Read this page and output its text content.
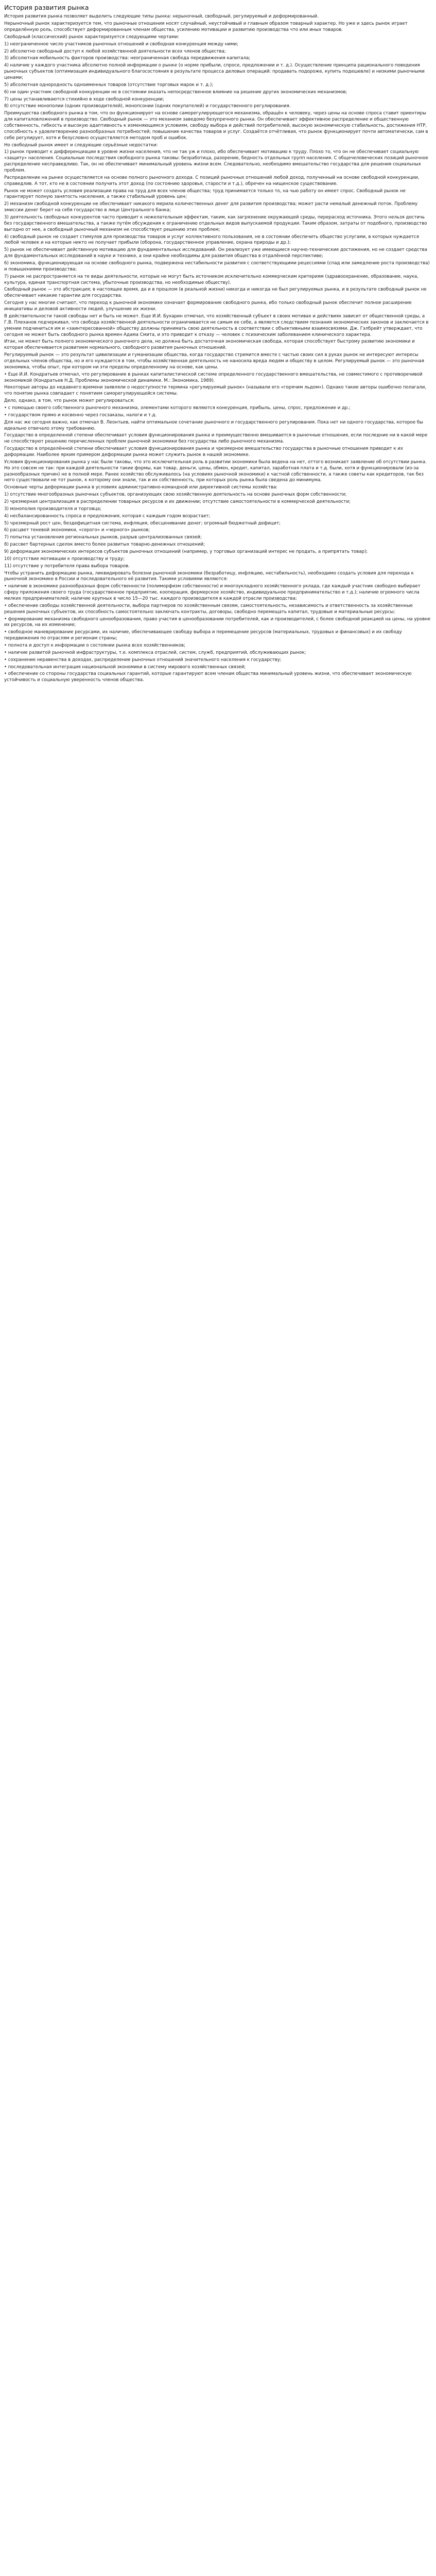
История развития рынка

История развития рынка позволяет выделить следующие типы рынка: нерыночный, свободный, регулируемый и деформированный.

Нерыночный рынок характеризуется тем, что рыночные отношения носят случайный, неустойчивый и главным образом товарный характер. Но уже и здесь рынок играет определённую роль, способствует деформированным членам общества, усилению мотивации и развитию производства что или иных товаров.

Свободный (классический) рынок характеризуется следующими чертами:

1) неограниченное число участников рыночных отношений и свободная конкуренция между ними;

2) абсолютно свободный доступ к любой хозяйственной деятельности всех членов общества;

3) абсолютная мобильность факторов производства: неограниченная свобода передвижения капитала;

4) наличие у каждого участника абсолютно полной информации о рынке (о норме прибыли, спросе, предложении и т. д.). Осуществление принципа рационального поведения рыночных субъектов (оптимизация индивидуального благосостояния в результате процесса деловых операций: продавать подороже, купить подешевле) и низкими рыночными ценами;

5) абсолютная однородность одноименных товаров (отсутствие торговых марок и т. д.);

6) ни один участник свободной конкуренции не в состоянии оказать непосредственное влияние на решение других экономических механизмов;

7) цены устанавливаются стихийно в ходе свободной конкуренции;

8) отсутствие монополии (одних производителей), монопсонии (одних покупателей) и государственного регулирования.

Преимущества свободного рынка в том, что он функционирует на основе саморегулирующегося механизма, обращён к человеку, через цены на основе спроса ставит ориентиры для капиталовложений в производство. Свободный рынок — это механизм заведомо безупречного рынка. Он обеспечивает эффективное распределение и общественную собственность, гибкость и высокую адаптивность к изменяющимся условиям, свободу выбора и действий потребителей, высокую экономическую стабильность, достижения НТР, способность к удовлетворению разнообразных потребностей; повышение качества товаров и услуг. Создаётся отчётливая, что рынок функционирует почти автоматически, сам в себе регулирует, хотя и безусловно осуществляется методом проб и ошибок.

Но свободный рынок имеет и следующие серьёзные недостатки:

1) рынок приводит к дифференциации в уровне жизни населения, что не так уж и плохо, ибо обеспечивает мотивацию к труду. Плохо то, что он не обеспечивает социальную «защиту» населения. Социальные последствия свободного рынка таковы: безработица, разорение, бедность отдельных групп населения. С общечеловеческих позиций рыночное распределение несправедливо. Так, он не обеспечивает минимальный уровень жизни всем. Следовательно, необходимо вмешательство государства для решения социальных проблем.

Распределение на рынке осуществляется на основе полного рыночного дохода. С позиций рыночных отношений любой доход, полученный на основе свободной конкуренции, справедлив. А тот, кто не в состоянии получить этот доход (по состоянию здоровья, старости и т.д.), обречен на нищенское существование.

Рынок не может создать условия реализации права на труд для всех членов общества; труд принимается только то, на чью работу он имеет спрос. Свободный рынок не гарантирует полную занятость населения, а также стабильный уровень цен;

2) механизм свободной конкуренции не обеспечивает никакого мерила количественных денег для развития производства; может расти немалый денежный поток. Проблему эмиссии денег берет на себя государство в лице Центрального банка;

3) деятельность свободных конкурентов часто приводит к нежелательным эффектам, таким, как загрязнение окружающей среды, перерасход источника. Этого нельзя достичь без государственного вмешательства, а также путём обсуждения к ограничению отдельных видов выпускаемой продукции. Таким образом, затраты от подобного, производство выгодно от нее, а свободный рыночный механизм не способствует решению этих проблем;

4) свободный рынок не создает стимулов для производства товаров и услуг коллективного пользования, не в состоянии обеспечить общество услугами, в которых нуждается любой человек и на которые никто не получает прибыли (оборона, государственное управление, охрана природы и др.);

5) рынок не обеспечивает действенную мотивацию для фундаментальных исследований. Он реализует уже имеющиеся научно-технические достижения, но не создает средства для фундаментальных исследований в науке и технике, а они крайне необходимы для развития общества в отдалённой перспективе;

6) экономика, функционирующая на основе свободного рынка, подвержена нестабильности развития с соответствующими рецессиями (спад или замедление роста производства) и повышениями производства;

7) рынок не распространяется на те виды деятельности, которые не могут быть источником исключительно коммерческим критериям (здравоохранение, образование, наука, культура, единая транспортная система, убыточные производства, но необходимые обществу).

Свободный рынок — это абстракция; в настоящее время, да и в прошлом (в реальной жизни) никогда и никогда не был регулируемых рынка, и в результате свободный рынок не обеспечивает никакие гарантии для государства.

Сегодня у нас многие считают, что переход к рыночной экономике означает формирование свободного рынка, ибо только свободный рынок обеспечит полное расширение инициативы и деловой активности людей, улучшение их жизни.

В действительности такой свободы нет и быть не может. Еще И.И. Бухарин отмечал, что хозяйственный субъект в своих мотивах и действиях зависит от общественной среды, а Г.В. Плеханов подчеркивал, что свобода хозяйственной деятельности ограничивается не самым ее себе, а является следствием познания экономических законов и заключается в умении подчиниться им и «заинтересованной» обществу должны принимать свою деятельность в соответствии с объективными взаимосвязями. Дж. Гэлбрейт утверждает, что сегодня не может быть свободного рынка времен Адама Смита, и это приводит к отказу — человек с психическим заболеванием клинического характера.

Итак, не может быть полного экономического рыночного дела, но должна быть достаточная экономическая свобода, которая способствует быстрому развитию экономики и которая обеспечивается развитием нормального, свободного развития рыночных отношений.

Регулируемый рынок — это результат цивилизации и гуманизации общества, когда государство стремится вместе с частью своих сил в руках рынок не интересуют интересы отдельных членов общества, но и его нуждается в том, чтобы хозяйственная деятельность не наносила вреда людям и обществу в целом. Регулируемый рынок — это рыночная экономика, чтобы опыт, при котором ни эти пределы определенному на основе, как цены.

• Еще И.И. Кондратьев отмечал, что регулирование в рынках капиталистической системе определенного государственного вмешательства, не совместимого с противоречивой экономикой (Кондратьев Н.Д. Проблемы экономической динамики. М.: Экономика, 1989).

Некоторые авторы до недавнего времени заявляли о недоступности термина «регулируемый рынок» (называли его «горячим льдом»). Однако такие авторы ошибочно полагали, что понятие рынка совпадает с понятием саморегулирующейся системы.

Дело, однако, в том, что рынок может регулироваться:

• с помощью своего собственного рыночного механизма, элементами которого являются конкуренция, прибыль, цены, спрос, предложение и др.;

• государством прямо и косвенно через госзаказы, налоги и т.д.

Для нас же сегодня важно, как отмечал В. Леонтьев, найти оптимальное сочетание рыночного и государственного регулирования. Пока нет ни одного государства, которое бы идеально отвечало этому требованию.

Государство в определенной степени обеспечивает условия функционирования рынка и преимущественно вмешивается в рыночные отношения, если последние ни в какой мере не способствуют решению перечисленных проблем рыночной экономики без государства либо рыночного механизма.

Государство в определённой степени обеспечивает условия функционирования рынка и чрезмерное вмешательство государства в рыночные отношения приводит к их деформации. Наиболее ярким примером деформации рынка может служить рынок в нашей экономике.

Условия функционирования рынка у нас были таковы, что это исключительная роль в развитии экономики была ведена на нет, оттого возникает заявление об отсутствии рынка. Но это совсем не так: при каждой деятельности такие формы, как товар, деньги, цены, обмен, кредит, капитал, заработная плата и т.д. были, хотя и функционировали (из-за разнообразных причин) не в полной мере. Ранее хозяйство обслуживалось (на условиях рыночной экономики) к частной собственности, а также советы как кредиторов, так без него существовали не тот рынок, к которому они знали, так и их собственность, при которых роль рынка была сведена до минимума.

Основные черты деформации рынка в условиях административно-командной или директивной системы хозяйства:

1) отсутствие многообразных рыночных субъектов, организующих свою хозяйственную деятельность на основе рыночных форм собственности;

2) чрезмерная централизация в распределении товарных ресурсов и их движении; отсутствие самостоятельности в коммерческой деятельности;

3) монополия производителя и торговца;

4) несбалансированность спроса и предложения, которая с каждым годом возрастает;

5) чрезмерный рост цен, бездефицитная система, инфляция, обесценивание денег; огромный бюджетный дефицит;

6) расцвет теневой экономики, «серого» и «черного» рынков;

7) попытка установления региональных рынков, разрыв централизованных связей;

8) рассвет бартерных сделок вместо более развитых товарно-денежных отношений;

9) деформация экономических интересов субъектов рыночных отношений (например, у торговых организаций интерес не продать, а припрятать товар);

10) отсутствие мотивации к производству и труду;

11) отсутствие у потребителя права выбора товаров.

Чтобы устранить деформацию рынка, ликвидировать болезни рыночной экономики (безработицу, инфляцию, нестабильность), необходимо создать условия для перехода к рыночной экономике в России и последовательного её развития. Такими условиями являются:

• наличие в экономике разнообразных форм собственности (полиморфизм собственности) и многоукладного хозяйственного уклада, где каждый участник свободно выбирает сферу приложения своего труда (государственное предприятие, кооперация, фермерское хозяйство, индивидуальное предпринимательство и т.д.); наличие огромного числа мелких предпринимателей; наличие крупных в число 15—20 тыс. каждого производителя в каждой отрасли производства;

• обеспечение свободы хозяйственной деятельности, выбора партнеров по хозяйственным связям, самостоятельность, независимость и ответственность за хозяйственные решения рыночных субъектов, их способность самостоятельно заключать контракты, договоры, свободно перемещать капитал, трудовые и материальные ресурсы;

• формирование механизма свободного ценообразования, право участия в ценообразовании потребителей, как и производителей, с более свободной реакцией на цены, на уровне их ресурсов, на их изменение;

• свободное маневрирование ресурсами, их наличие, обеспечивающее свободу выбора и перемещение ресурсов (материальных, трудовых и финансовых) и их свободу передвижения по отраслям и регионам страны;

• полнота и доступ к информации о состоянии рынка всех хозяйственников;

• наличие развитой рыночной инфраструктуры, т.е. комплекса отраслей, систем, служб, предприятий, обслуживающих рынок;

• сохранение неравенства в доходах, распределение рыночных отношений значительного населения к государству;

• последовательная интеграция национальной экономики в систему мирового хозяйственных связей;

• обеспечение со стороны государства социальных гарантий, которые гарантируют всем членам общества минимальный уровень жизни, что обеспечивает экономическую устойчивость и социальную уверенность членов общества.
